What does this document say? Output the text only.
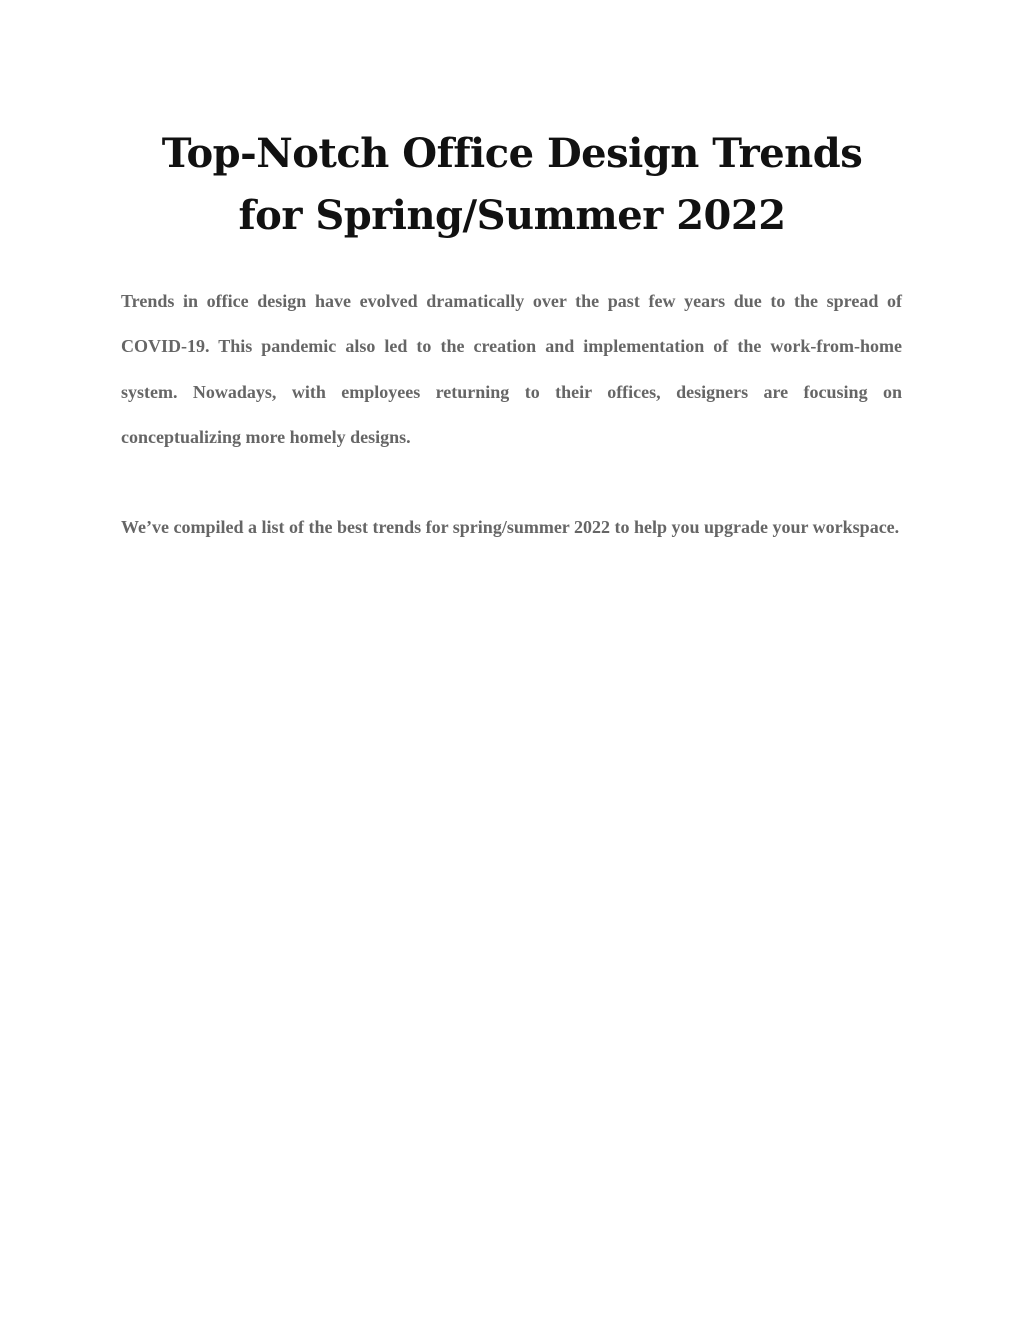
Top-Notch Office Design Trends
for Spring/Summer 2022

Trends in office design have evolved dramatically over the past few years due to the spread of COVID-19. This pandemic also led to the creation and implementation of the work-from-home system. Nowadays, with employees returning to their offices, designers are focusing on conceptualizing more homely designs.

We’ve compiled a list of the best trends for spring/summer 2022 to help you upgrade your workspace.
